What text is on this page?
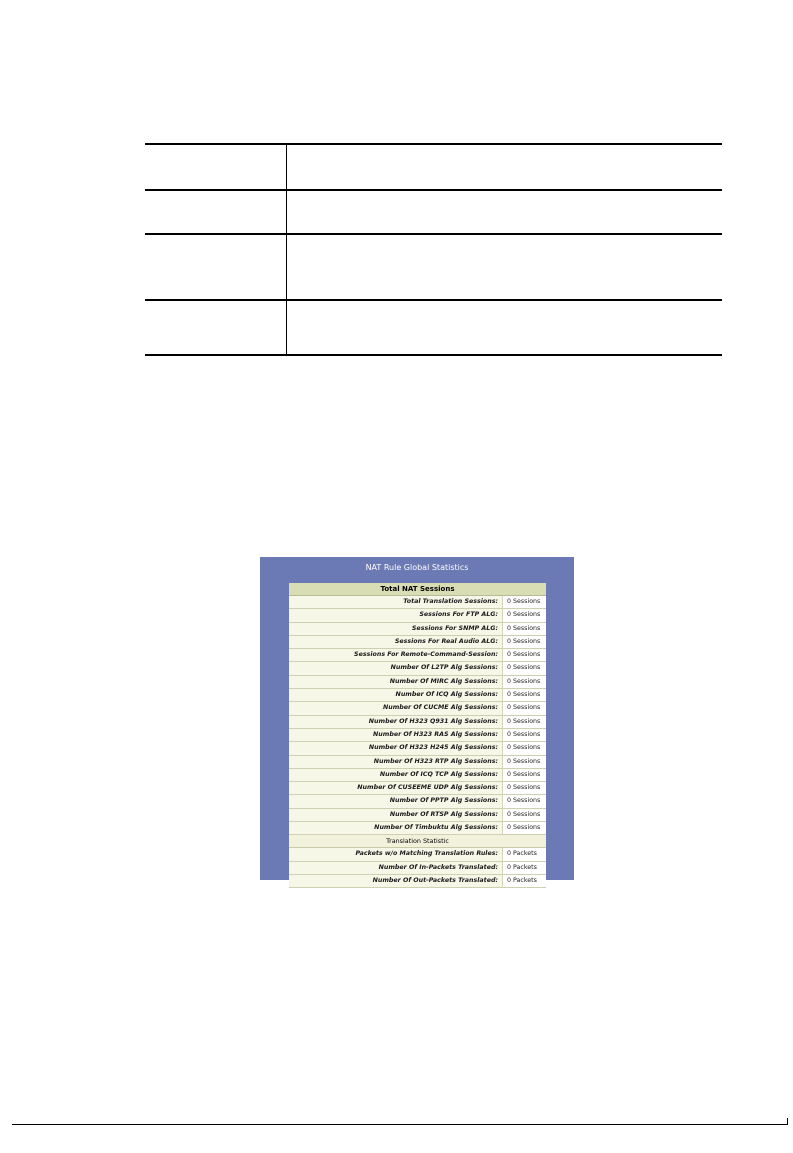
NAT Rule Global Statistics
Total NAT Sessions
Total Translation Sessions:	0 Sessions
Sessions For FTP ALG:	0 Sessions
Sessions For SNMP ALG:	0 Sessions
Sessions For Real Audio ALG:	0 Sessions
Sessions For Remote-Command-Session:	0 Sessions
Number Of L2TP Alg Sessions:	0 Sessions
Number Of MIRC Alg Sessions:	0 Sessions
Number Of ICQ Alg Sessions:	0 Sessions
Number Of CUCME Alg Sessions:	0 Sessions
Number Of H323 Q931 Alg Sessions:	0 Sessions
Number Of H323 RAS Alg Sessions:	0 Sessions
Number Of H323 H245 Alg Sessions:	0 Sessions
Number Of H323 RTP Alg Sessions:	0 Sessions
Number Of ICQ TCP Alg Sessions:	0 Sessions
Number Of CUSEEME UDP Alg Sessions:	0 Sessions
Number Of PPTP Alg Sessions:	0 Sessions
Number Of RTSP Alg Sessions:	0 Sessions
Number Of Timbuktu Alg Sessions:	0 Sessions
Translation Statistic
Packets w/o Matching Translation Rules:	0 Packets
Number Of In-Packets Translated:	0 Packets
Number Of Out-Packets Translated:	0 Packets
